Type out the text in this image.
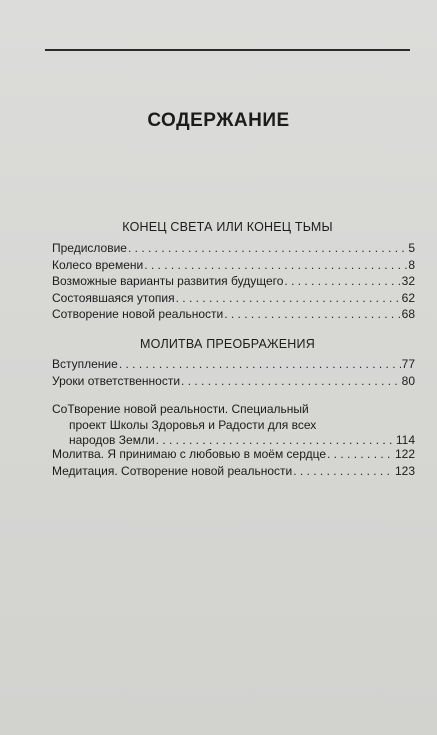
СОДЕРЖАНИЕ
КОНЕЦ СВЕТА ИЛИ КОНЕЦ ТЬМЫ
Предисловие . . .	5
Колесо времени . . .	8
Возможные варианты развития будущего . . .	32
Состоявшаяся утопия . . .	62
Сотворение новой реальности . . .	68
МОЛИТВА ПРЕОБРАЖЕНИЯ
Вступление . . .	77
Уроки ответственности . . .	80
СоТворение новой реальности. Специальный
проект Школы Здоровья и Радости для всех
народов Земли . . .	114
Молитва. Я принимаю с любовью в моём сердце . . .	122
Медитация. Сотворение новой реальности . . .	123
